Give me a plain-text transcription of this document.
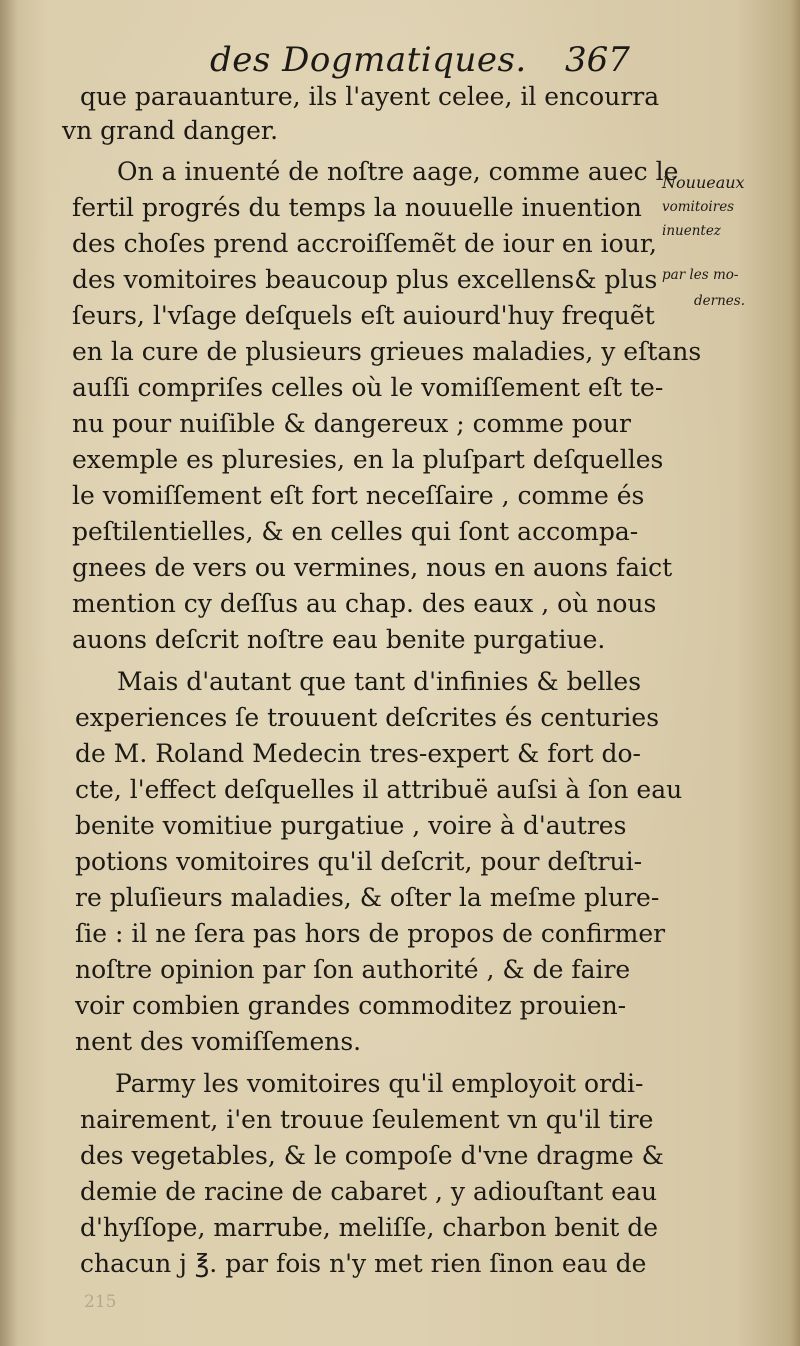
des Dogmatiques. 367
que parauanture, ils l'ayent celee, il encourra
vn grand danger.
On a inuenté de noſtre aage, comme auec le
fertil progrés du temps la nouuelle inuention
des choſes prend accroiſſemẽt de iour en iour,
des vomitoires beaucoup plus excellens& plus
ſeurs, l'vſage deſquels eſt auiourd'huy frequẽt
en la cure de plusieurs grieues maladies, y eſtans
auſſi compriſes celles où le vomiſſement eſt te-
nu pour nuiſible & dangereux ; comme pour
exemple es pluresies, en la pluſpart deſquelles
le vomiſſement eſt fort neceſſaire , comme és
peſtilentielles, & en celles qui ſont accompa-
gnees de vers ou vermines, nous en auons faict
mention cy deſſus au chap. des eaux , où nous
auons deſcrit noſtre eau benite purgatiue.
Mais d'autant que tant d'infinies & belles
experiences ſe trouuent deſcrites és centuries
de M. Roland Medecin tres-expert & fort do-
cte, l'effect deſquelles il attribuë auſsi à ſon eau
benite vomitiue purgatiue , voire à d'autres
potions vomitoires qu'il deſcrit, pour deſtrui-
re pluſieurs maladies, & oſter la meſme plure-
ſie : il ne ſera pas hors de propos de confirmer
noſtre opinion par ſon authorité , & de faire
voir combien grandes commoditez prouien-
nent des vomiſſemens.
Parmy les vomitoires qu'il employoit ordi-
nairement, i'en trouue ſeulement vn qu'il tire
des vegetables, & le compoſe d'vne dragme &
demie de racine de cabaret , y adiouſtant eau
d'hyſſope, marrube, meliſſe, charbon benit de
chacun j ℥. par fois n'y met rien ſinon eau de
Nouueaux
vomitoires
inuentez
par les mo-
dernes.
215
